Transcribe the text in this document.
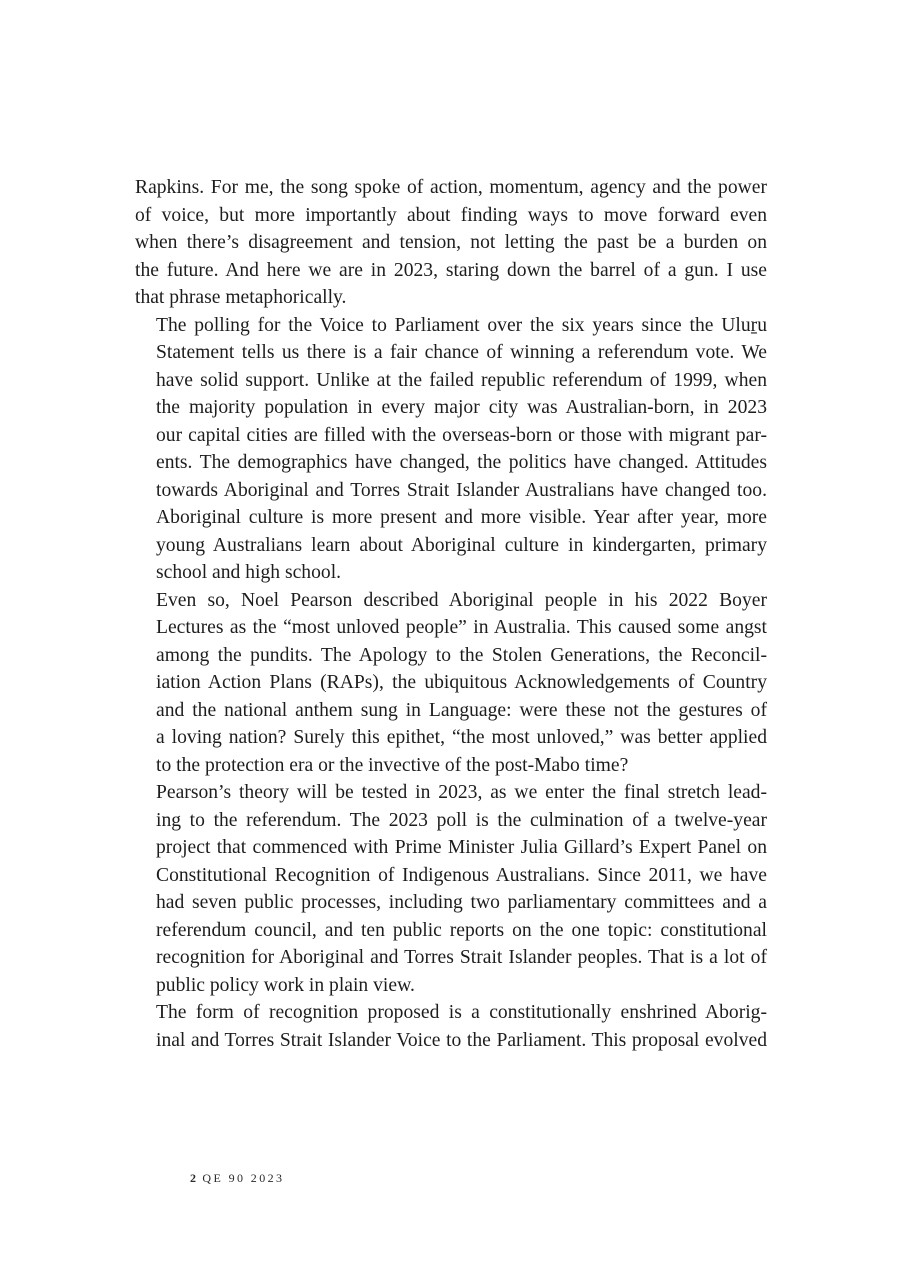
Rapkins. For me, the song spoke of action, momentum, agency and the power
of voice, but more importantly about finding ways to move forward even
when there’s disagreement and tension, not letting the past be a burden on
the future. And here we are in 2023, staring down the barrel of a gun. I use
that phrase metaphorically.

The polling for the Voice to Parliament over the six years since the Uluṟu
Statement tells us there is a fair chance of winning a referendum vote. We
have solid support. Unlike at the failed republic referendum of 1999, when
the majority population in every major city was Australian-born, in 2023
our capital cities are filled with the overseas-born or those with migrant par-
ents. The demographics have changed, the politics have changed. Attitudes
towards Aboriginal and Torres Strait Islander Australians have changed too.
Aboriginal culture is more present and more visible. Year after year, more
young Australians learn about Aboriginal culture in kindergarten, primary
school and high school.

Even so, Noel Pearson described Aboriginal people in his 2022 Boyer
Lectures as the “most unloved people” in Australia. This caused some angst
among the pundits. The Apology to the Stolen Generations, the Reconcil-
iation Action Plans (RAPs), the ubiquitous Acknowledgements of Country
and the national anthem sung in Language: were these not the gestures of
a loving nation? Surely this epithet, “the most unloved,” was better applied
to the protection era or the invective of the post-Mabo time?

Pearson’s theory will be tested in 2023, as we enter the final stretch lead-
ing to the referendum. The 2023 poll is the culmination of a twelve-year
project that commenced with Prime Minister Julia Gillard’s Expert Panel on
Constitutional Recognition of Indigenous Australians. Since 2011, we have
had seven public processes, including two parliamentary committees and a
referendum council, and ten public reports on the one topic: constitutional
recognition for Aboriginal and Torres Strait Islander peoples. That is a lot of
public policy work in plain view.

The form of recognition proposed is a constitutionally enshrined Aborig-
inal and Torres Strait Islander Voice to the Parliament. This proposal evolved

2 QE 90 2023
